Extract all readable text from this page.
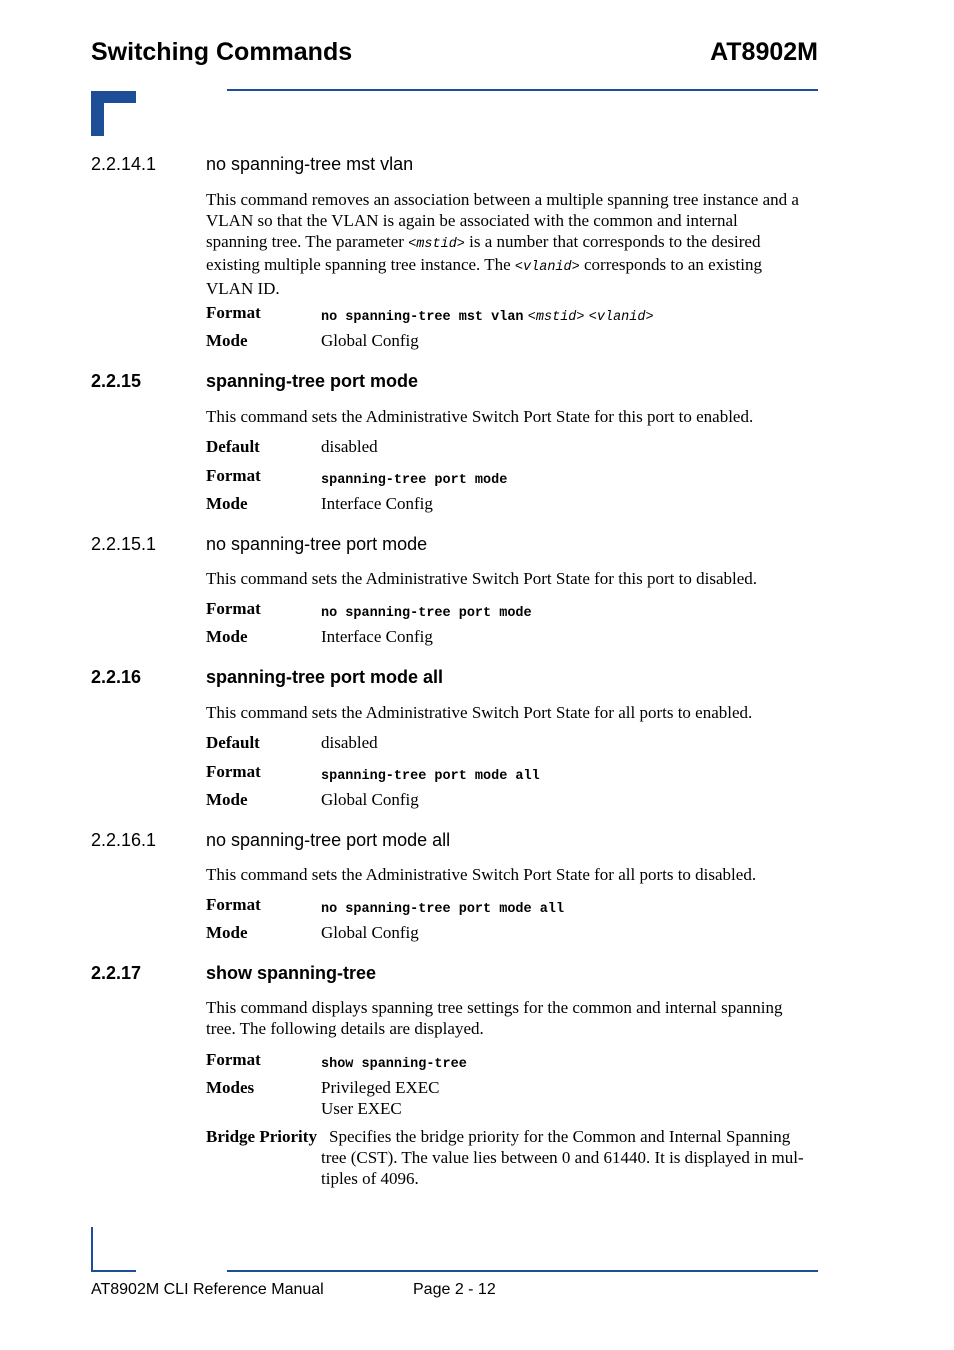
Switching Commands	AT8902M
2.2.14.1	no spanning-tree mst vlan
This command removes an association between a multiple spanning tree instance and a
VLAN so that the VLAN is again be associated with the common and internal
spanning tree. The parameter <mstid> is a number that corresponds to the desired
existing multiple spanning tree instance. The <vlanid> corresponds to an existing
VLAN ID.
Format	no spanning-tree mst vlan <mstid> <vlanid>
Mode	Global Config
2.2.15	spanning-tree port mode
This command sets the Administrative Switch Port State for this port to enabled.
Default	disabled
Format	spanning-tree port mode
Mode	Interface Config
2.2.15.1	no spanning-tree port mode
This command sets the Administrative Switch Port State for this port to disabled.
Format	no spanning-tree port mode
Mode	Interface Config
2.2.16	spanning-tree port mode all
This command sets the Administrative Switch Port State for all ports to enabled.
Default	disabled
Format	spanning-tree port mode all
Mode	Global Config
2.2.16.1	no spanning-tree port mode all
This command sets the Administrative Switch Port State for all ports to disabled.
Format	no spanning-tree port mode all
Mode	Global Config
2.2.17	show spanning-tree
This command displays spanning tree settings for the common and internal spanning
tree. The following details are displayed.
Format	show spanning-tree
Modes	Privileged EXEC
User EXEC
Bridge Priority Specifies the bridge priority for the Common and Internal Spanning
tree (CST). The value lies between 0 and 61440. It is displayed in mul-
tiples of 4096.
AT8902M CLI Reference Manual	Page 2 - 12
